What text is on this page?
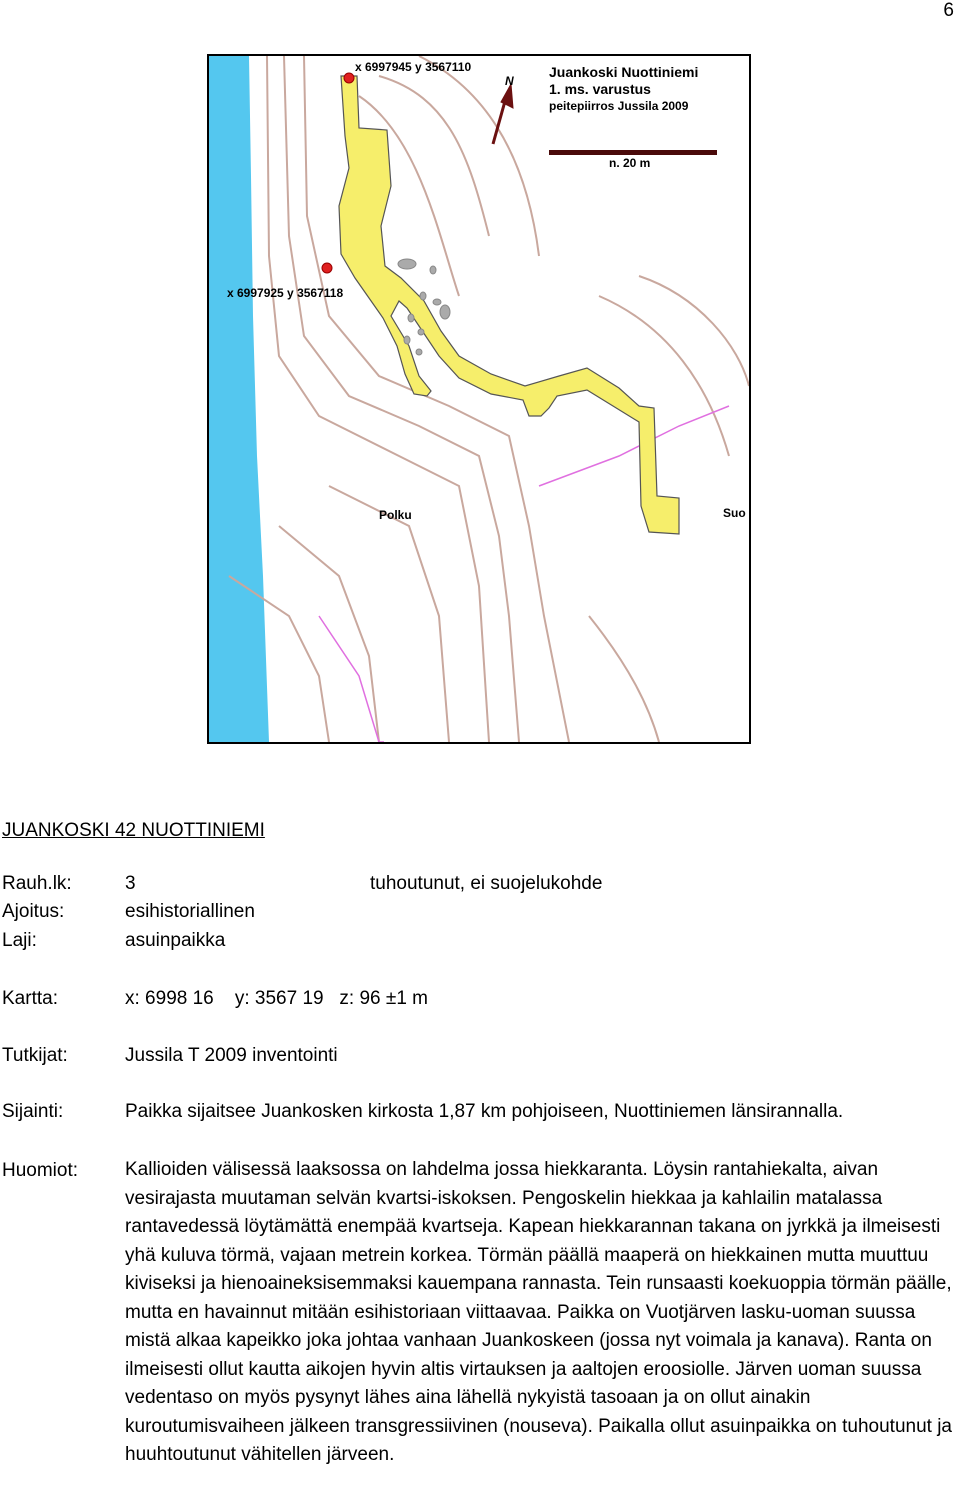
6
x 6997945 y 3567110
x 6997925 y 3567118
N
Juankoski Nuottiniemi
1. ms. varustus
peitepiirros Jussila 2009
n. 20 m
Polku	Suo
JUANKOSKI 42 NUOTTINIEMI
Rauh.lk:	3	tuhoutunut, ei suojelukohde
Ajoitus:	esihistoriallinen
Laji:	asuinpaikka
Kartta:	x: 6998 16    y: 3567 19   z: 96 ±1 m
Tutkijat:	Jussila T 2009 inventointi
Sijainti:	Paikka sijaitsee Juankosken kirkosta 1,87 km pohjoiseen, Nuottiniemen länsirannalla.
Huomiot: Kallioiden välisessä laaksossa on lahdelma jossa hiekkaranta. Löysin rantahiekalta, aivan vesirajasta muutaman selvän kvartsi-iskoksen. Pengoskelin hiekkaa ja kahlailin matalassa rantavedessä löytämättä enempää kvartseja. Kapean hiekkarannan takana on jyrkkä ja ilmeisesti yhä kuluva törmä, vajaan metrein korkea. Törmän päällä maaperä on hiekkainen mutta muuttuu kiviseksi ja hienoaineksisemmaksi kauempana rannasta. Tein runsaasti koekuoppia törmän päälle, mutta en havainnut mitään esihistoriaan viittaavaa. Paikka on Vuotjärven lasku-uoman suussa mistä alkaa kapeikko joka johtaa vanhaan Juankoskeen (jossa nyt voimala ja kanava). Ranta on ilmeisesti ollut kautta aikojen hyvin altis virtauksen ja aaltojen eroosiolle. Järven uoman suussa vedentaso on myös pysynyt lähes aina lähellä nykyistä tasoaan ja on ollut ainakin kuroutumisvaiheen jälkeen transgressiivinen (nouseva). Paikalla ollut asuinpaikka on tuhoutunut ja huuhtoutunut vähitellen järveen.
